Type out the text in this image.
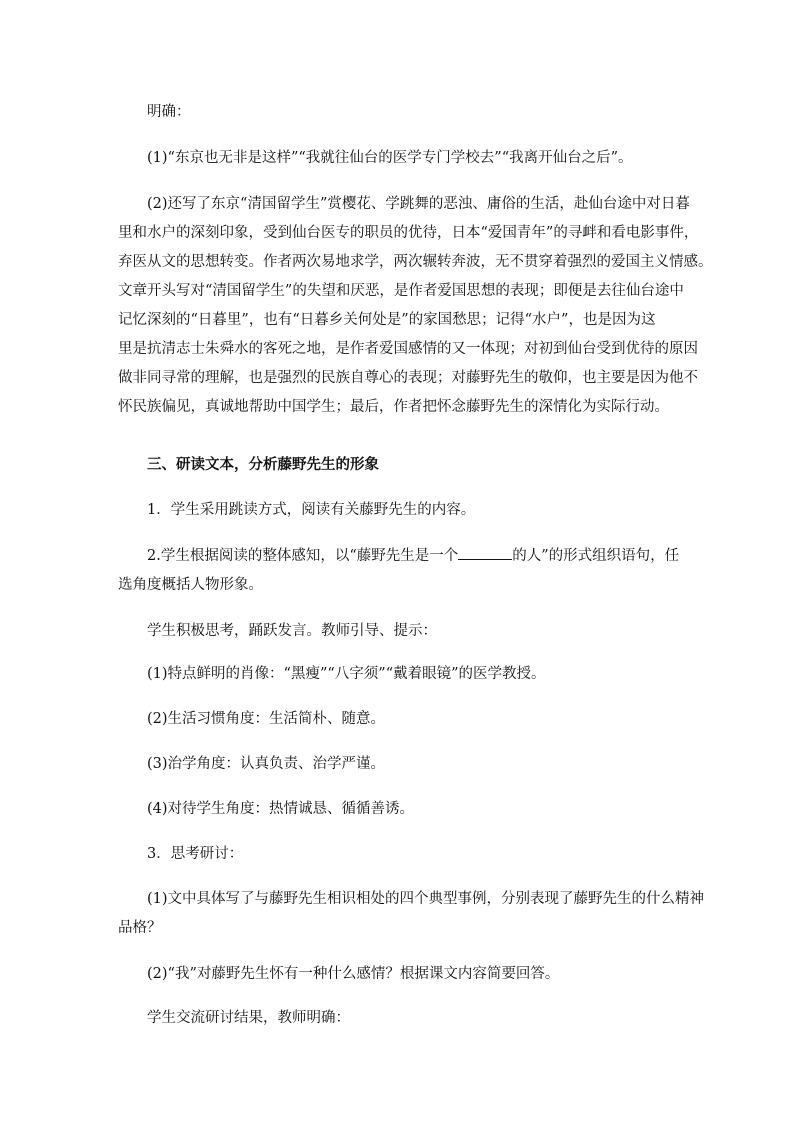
明确：
(1)“东京也无非是这样”“我就往仙台的医学专门学校去”“我离开仙台之后”。
(2)还写了东京“清国留学生”赏樱花、学跳舞的恶浊、庸俗的生活，赴仙台途中对日暮
里和水户的深刻印象，受到仙台医专的职员的优待，日本“爱国青年”的寻衅和看电影事件，
弃医从文的思想转变。作者两次易地求学，两次辗转奔波，无不贯穿着强烈的爱国主义情感。
文章开头写对“清国留学生”的失望和厌恶，是作者爱国思想的表现；即便是去往仙台途中
记忆深刻的“日暮里”，也有“日暮乡关何处是”的家国愁思；记得“水户”，也是因为这
里是抗清志士朱舜水的客死之地，是作者爱国感情的又一体现；对初到仙台受到优待的原因
做非同寻常的理解，也是强烈的民族自尊心的表现；对藤野先生的敬仰，也主要是因为他不
怀民族偏见，真诚地帮助中国学生；最后，作者把怀念藤野先生的深情化为实际行动。
三、研读文本，分析藤野先生的形象
1．学生采用跳读方式，阅读有关藤野先生的内容。
2.学生根据阅读的整体感知，以“藤野先生是一个	的人”的形式组织语句，任
选角度概括人物形象。
学生积极思考，踊跃发言。教师引导、提示：
(1)特点鲜明的肖像：“黑瘦”“八字须”“戴着眼镜”的医学教授。
(2)生活习惯角度：生活简朴、随意。
(3)治学角度：认真负责、治学严谨。
(4)对待学生角度：热情诚恳、循循善诱。
3．思考研讨：
(1)文中具体写了与藤野先生相识相处的四个典型事例，分别表现了藤野先生的什么精神
品格？
(2)“我”对藤野先生怀有一种什么感情？根据课文内容简要回答。
学生交流研讨结果，教师明确：
